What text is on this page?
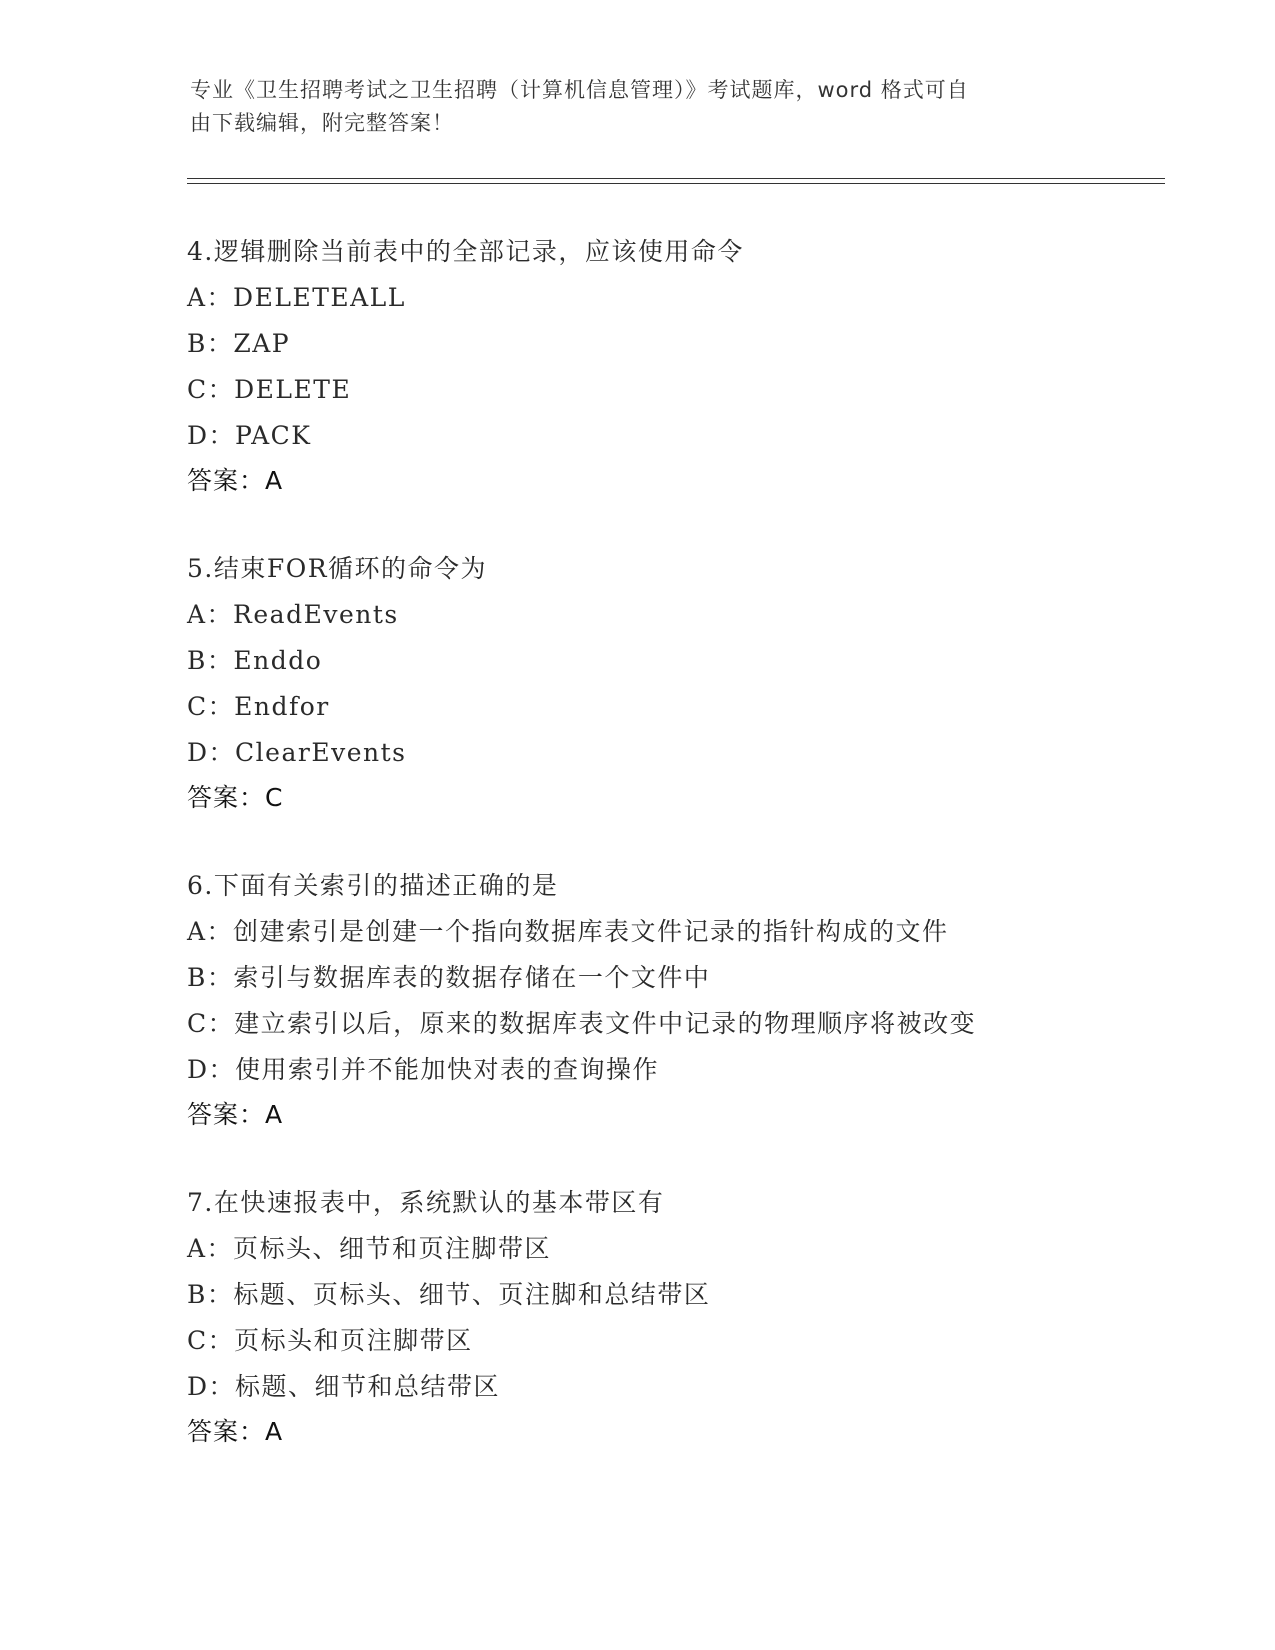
专业《卫生招聘考试之卫生招聘（计算机信息管理）》考试题库，word 格式可自
由下载编辑，附完整答案！
4.逻辑删除当前表中的全部记录，应该使用命令
A：DELETEALL
B：ZAP
C：DELETE
D：PACK
答案：A
5.结束FOR循环的命令为
A：ReadEvents
B：Enddo
C：Endfor
D：ClearEvents
答案：C
6.下面有关索引的描述正确的是
A：创建索引是创建一个指向数据库表文件记录的指针构成的文件
B：索引与数据库表的数据存储在一个文件中
C：建立索引以后，原来的数据库表文件中记录的物理顺序将被改变
D：使用索引并不能加快对表的查询操作
答案：A
7.在快速报表中，系统默认的基本带区有
A：页标头、细节和页注脚带区
B：标题、页标头、细节、页注脚和总结带区
C：页标头和页注脚带区
D：标题、细节和总结带区
答案：A
